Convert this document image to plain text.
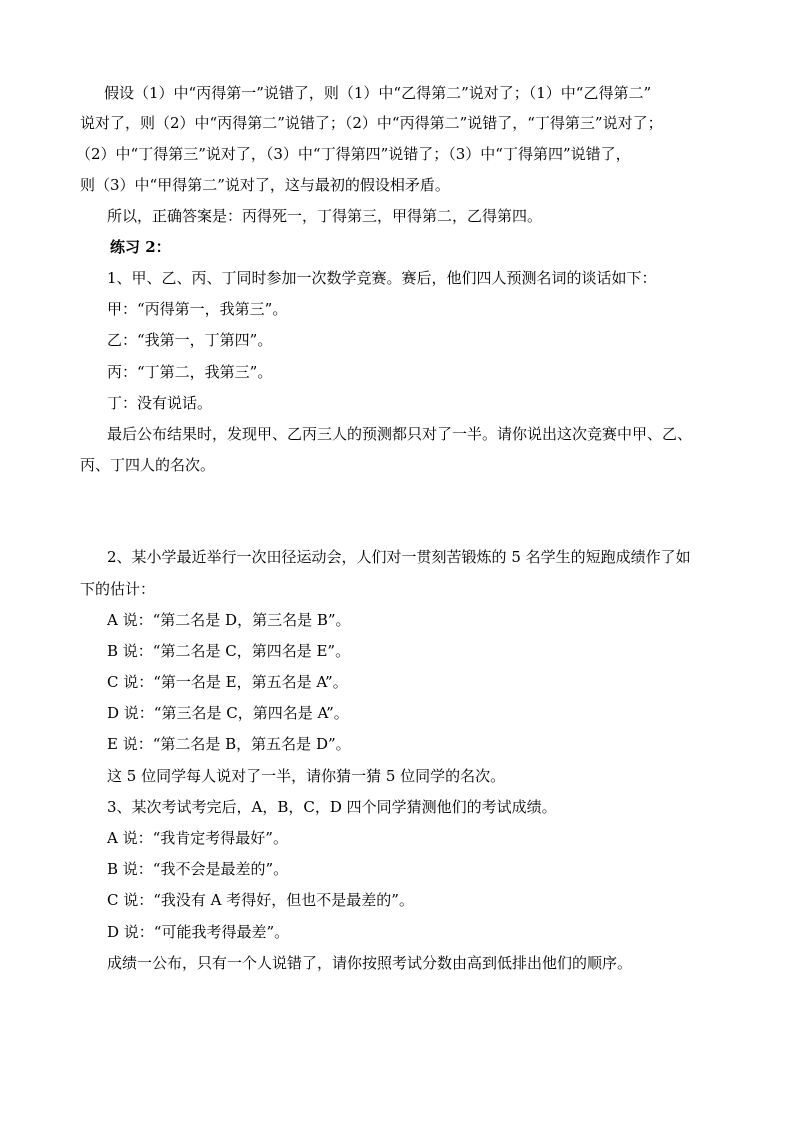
假设（1）中“丙得第一”说错了，则（1）中“乙得第二”说对了；（1）中“乙得第二”
说对了，则（2）中“丙得第二”说错了；（2）中“丙得第二”说错了，“丁得第三”说对了；
（2）中“丁得第三”说对了，（3）中“丁得第四”说错了；（3）中“丁得第四”说错了，
则（3）中“甲得第二”说对了，这与最初的假设相矛盾。
所以，正确答案是：丙得死一，丁得第三，甲得第二，乙得第四。
练习 2：
1、甲、乙、丙、丁同时参加一次数学竞赛。赛后，他们四人预测名词的谈话如下：
甲：“丙得第一，我第三”。
乙：“我第一，丁第四”。
丙：“丁第二，我第三”。
丁：没有说话。
最后公布结果时，发现甲、乙丙三人的预测都只对了一半。请你说出这次竞赛中甲、乙、
丙、丁四人的名次。
2、某小学最近举行一次田径运动会，人们对一贯刻苦锻炼的 5 名学生的短跑成绩作了如
下的估计：
A 说：“第二名是 D，第三名是 B”。
B 说：“第二名是 C，第四名是 E”。
C 说：“第一名是 E，第五名是 A”。
D 说：“第三名是 C，第四名是 A”。
E 说：“第二名是 B，第五名是 D”。
这 5 位同学每人说对了一半，请你猜一猜 5 位同学的名次。
3、某次考试考完后，A，B，C，D 四个同学猜测他们的考试成绩。
A 说：“我肯定考得最好”。
B 说：“我不会是最差的”。
C 说：“我没有 A 考得好，但也不是最差的”。
D 说：“可能我考得最差”。
成绩一公布，只有一个人说错了，请你按照考试分数由高到低排出他们的顺序。
